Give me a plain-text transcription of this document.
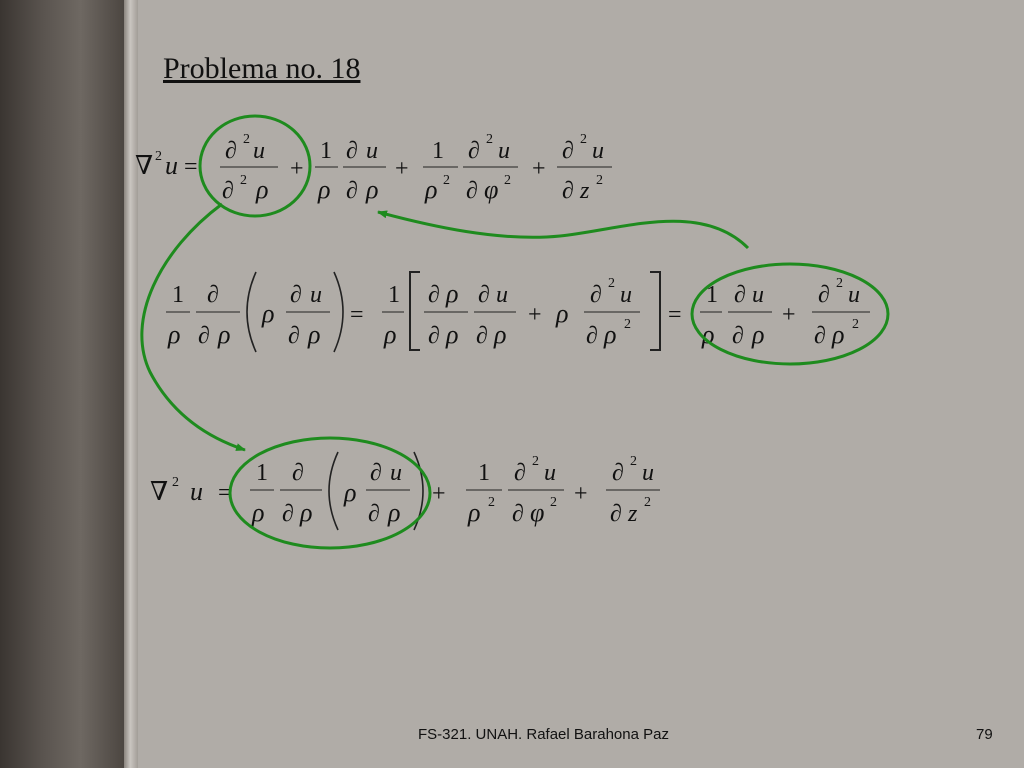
Problema no. 18
∇ 2 u =
∂ 2 u
∂ 2 ρ
+
1
ρ
∂ u
∂ ρ
+
1
ρ 2
∂ 2 u
∂ φ 2 +
∂ 2 u
∂ z 2
1
ρ
∂
∂ ρ
ρ
∂ u
∂ ρ
=
1
ρ
∂ ρ
∂ ρ
∂ u
∂ ρ
+ ρ
∂ 2 u
∂ ρ 2 =
1
ρ
∂ u
∂ ρ
+
∂ 2 u
∂ ρ 2
∇ 2 u =
1
ρ
∂
∂ ρ
ρ
∂ u
∂ ρ
+
1
ρ 2
∂ 2 u
∂ φ 2 +
∂ 2 u
∂ z 2
FS-321. UNAH. Rafael Barahona Paz	79
